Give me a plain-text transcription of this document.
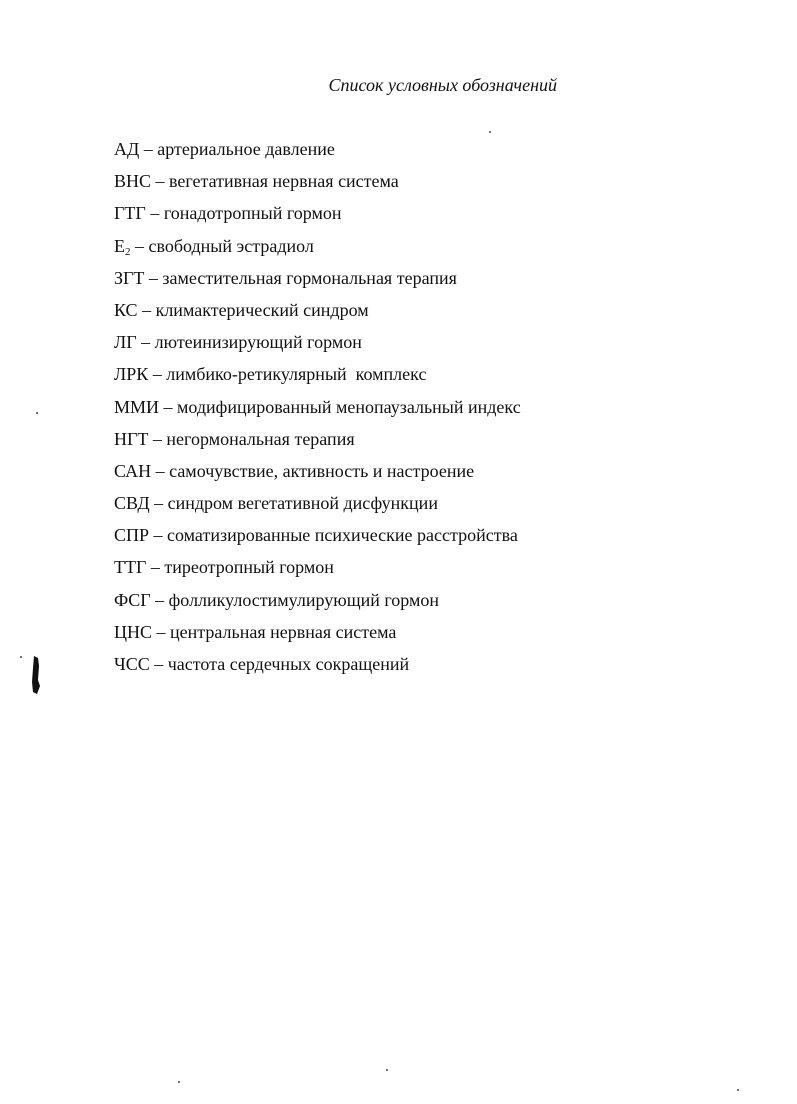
Список условных обозначений
АД – артериальное давление
ВНС – вегетативная нервная система
ГТГ – гонадотропный гормон
$Е_2$ – свободный эстрадиол
ЗГТ – заместительная гормональная терапия
КС – климактерический синдром
ЛГ – лютеинизирующий гормон
ЛРК – лимбико-ретикулярный  комплекс
ММИ – модифицированный менопаузальный индекс
НГТ – негормональная терапия
САН – самочувствие, активность и настроение
СВД – синдром вегетативной дисфункции
СПР – соматизированные психические расстройства
ТТГ – тиреотропный гормон
ФСГ – фолликулостимулирующий гормон
ЦНС – центральная нервная система
ЧСС – частота сердечных сокращений
